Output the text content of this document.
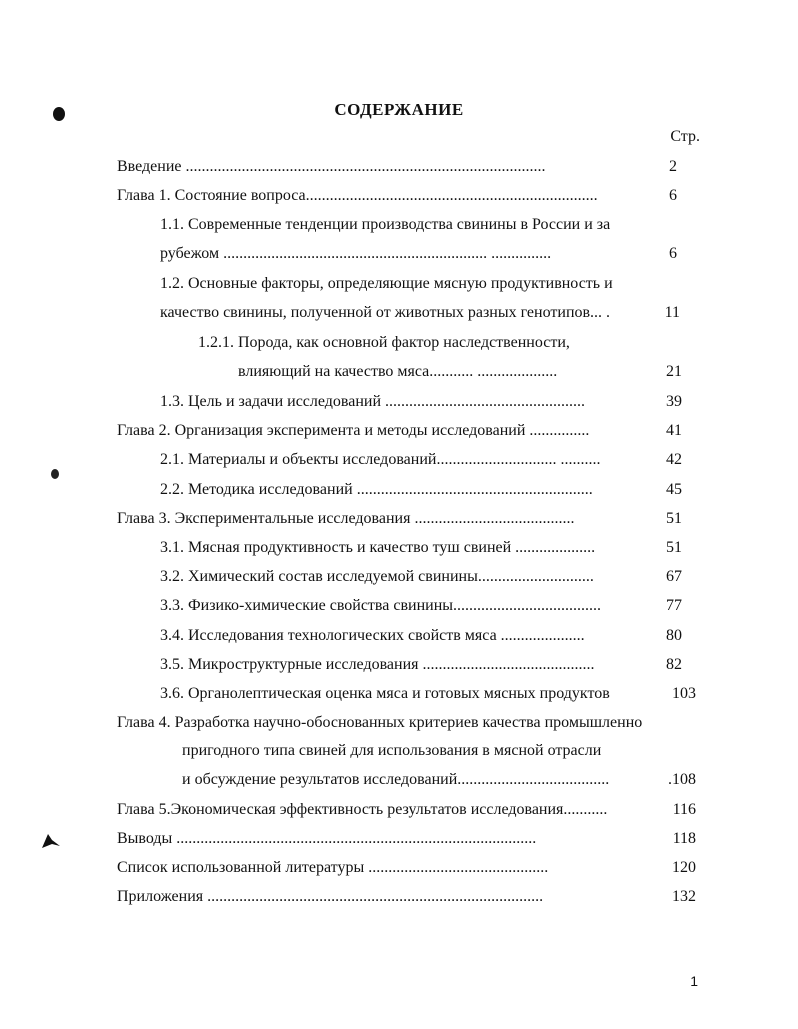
СОДЕРЖАНИЕ
Стр.
Введение ..........................................................................................	2
Глава 1. Состояние вопроса.........................................................................	6
1.1. Современные тенденции производства свинины в России и за
рубежом .................................................................. ...............	6
1.2. Основные факторы, определяющие мясную продуктивность и
качество свинины, полученной от животных разных генотипов... .	11
1.2.1. Порода, как основной фактор наследственности,
влияющий на качество мяса........... ....................	21
1.3. Цель и задачи исследований ..................................................	39
Глава 2. Организация эксперимента и методы исследований ...............	41
2.1. Материалы и объекты исследований.............................. ..........	42
2.2. Методика исследований ...........................................................	45
Глава 3. Экспериментальные исследования ........................................	51
3.1. Мясная продуктивность и качество туш свиней ....................	51
3.2. Химический состав исследуемой свинины.............................	67
3.3. Физико-химические свойства свинины.....................................	77
3.4. Исследования технологических свойств мяса .....................	80
3.5. Микроструктурные исследования ...........................................	82
3.6. Органолептическая оценка мяса и готовых мясных продуктов	103
Глава 4. Разработка научно-обоснованных критериев качества промышленно
пригодного типа свиней для использования в мясной отрасли
и обсуждение результатов исследований......................................	.108
Глава 5.Экономическая эффективность результатов исследования...........	116
Выводы ..........................................................................................	118
Список использованной литературы .............................................	120
Приложения ....................................................................................	132
1
